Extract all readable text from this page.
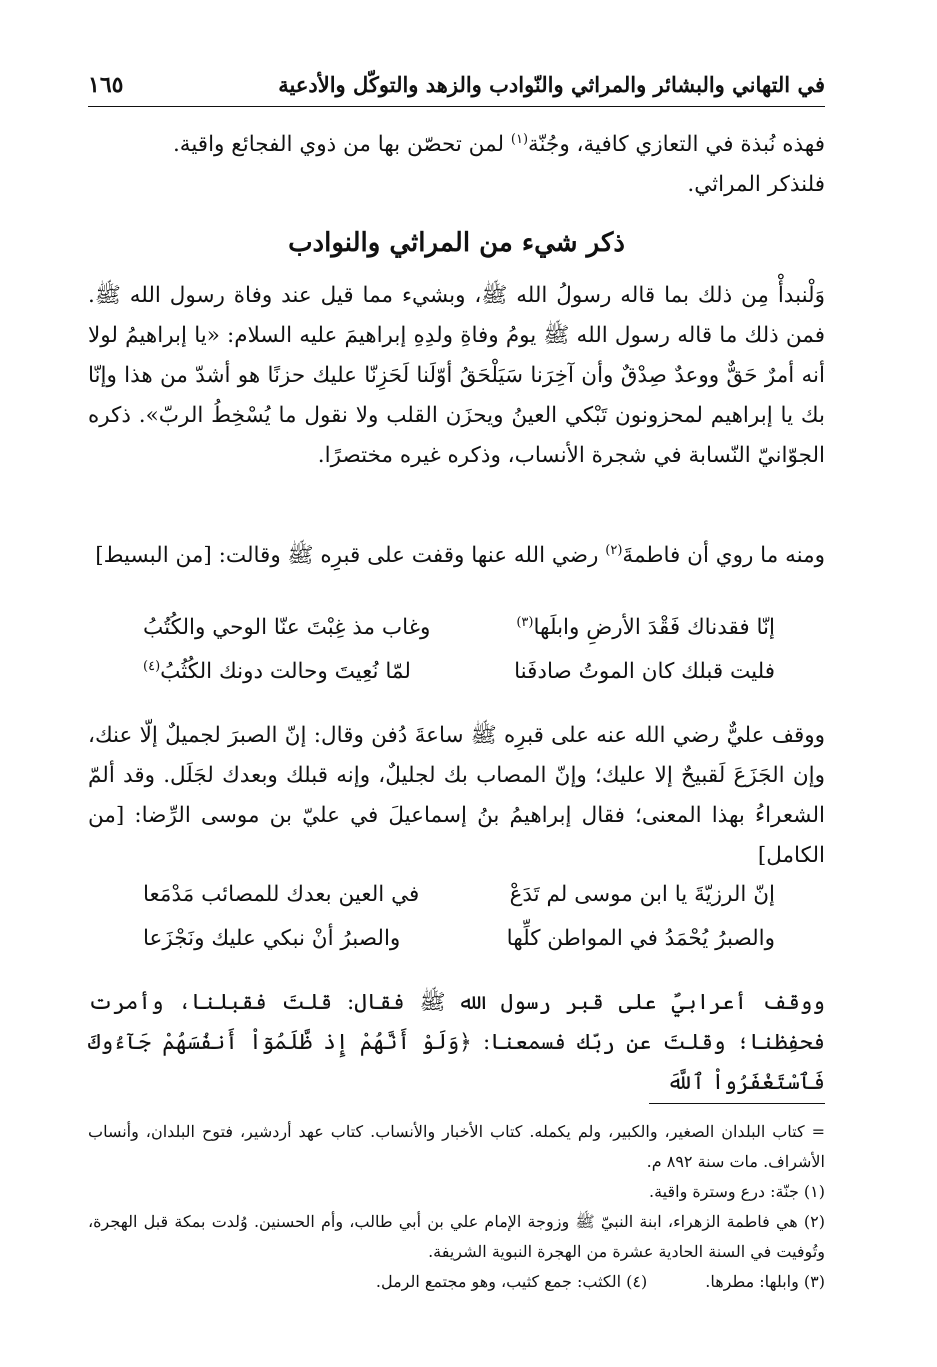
١٦٥	في التهاني والبشائر والمراثي والنّوادب والزهد والتوكّل والأدعية

فهذه نُبذة في التعازي كافية، وجُنّة$^{(١)}$ لمن تحصّن بها من ذوي الفجائع واقية.

فلنذكر المراثي.

ذكر شيء من المراثي والنوادب

وَلْنبدأْ مِن ذلك بما قاله رسولُ الله ﷺ، وبشيء مما قيل عند وفاة رسول الله ﷺ. فمن ذلك ما قاله رسول الله ﷺ يومُ وفاةِ ولدِهِ إبراهيمَ عليه السلام: «يا إبراهيمُ لولا أنه أمرٌ حَقٌّ ووعدٌ صِدْقٌ وأن آخِرَنا سَيَلْحَقُ أوّلَنا لَحَزِنّا عليك حزنًا هو أشدّ من هذا وإنّا بك يا إبراهيم لمحزونون تَبْكي العينُ ويحزَن القلب ولا نقول ما يُسْخِطُ الربّ». ذكره الجوّانيّ النّسابة في شجرة الأنساب، وذكره غيره مختصرًا.

ومنه ما روي أن فاطمةَ$^{(٢)}$ رضي الله عنها وقفت على قبرِه ﷺ وقالت: [من البسيط]

إنّا فقدناك فَقْدَ الأرضِ وابلَها$^{(٣)}$
وغاب مذ غِبْتَ عنّا الوحي والكُتُبُ
فليت قبلك كان الموتُ صادفَنا
لمّا نُعِيتَ وحالت دونك الكُثُبُ$^{(٤)}$

ووقف عليٌّ رضي الله عنه على قبرِه ﷺ ساعةَ دُفن وقال: إنّ الصبرَ لجميلٌ إلّا عنك، وإن الجَزَعَ لَقبيحٌ إلا عليك؛ وإنّ المصاب بك لجليلٌ، وإنه قبلك وبعدك لجَلَل. وقد ألمّ الشعراءُ بهذا المعنى؛ فقال إبراهيمُ بنُ إسماعيلَ في عليّ بن موسى الرِّضا: [من الكامل]

إنّ الرزيّةَ يا ابن موسى لم تَدَعْ
في العين بعدك للمصائب مَدْمَعا
والصبرُ يُحْمَدُ في المواطن كلِّها
والصبرُ أنْ نبكي عليك ونَجْزَعا

ووقف أعرابيٌ على قبر رسول الله ﷺ فقال: قلتَ فقبلنا، وأمرت فحفِظنا؛ وقلتَ عن ربّك فسمعنا: ﴿وَلَوْ أَنَّهُمْ إِذ ظَّلَمُوٓاْ أَنفُسَهُمْ جَآءُوكَ فَٱسْتَغْفَرُواْ ٱللَّهَ

= كتاب البلدان الصغير، والكبير، ولم يكمله. كتاب الأخبار والأنساب. كتاب عهد أردشير، فتوح البلدان، وأنساب الأشراف. مات سنة ٨٩٢ م.

(١) جنّة: درع وسترة واقية.

(٢) هي فاطمة الزهراء، ابنة النبيّ ﷺ وزوجة الإمام علي بن أبي طالب، وأم الحسنين. وُلدت بمكة قبل الهجرة، وتُوفيت في السنة الحادية عشرة من الهجرة النبوية الشريفة.

(٣) وابلها: مطرها.
(٤) الكثب: جمع كثيب، وهو مجتمع الرمل.
